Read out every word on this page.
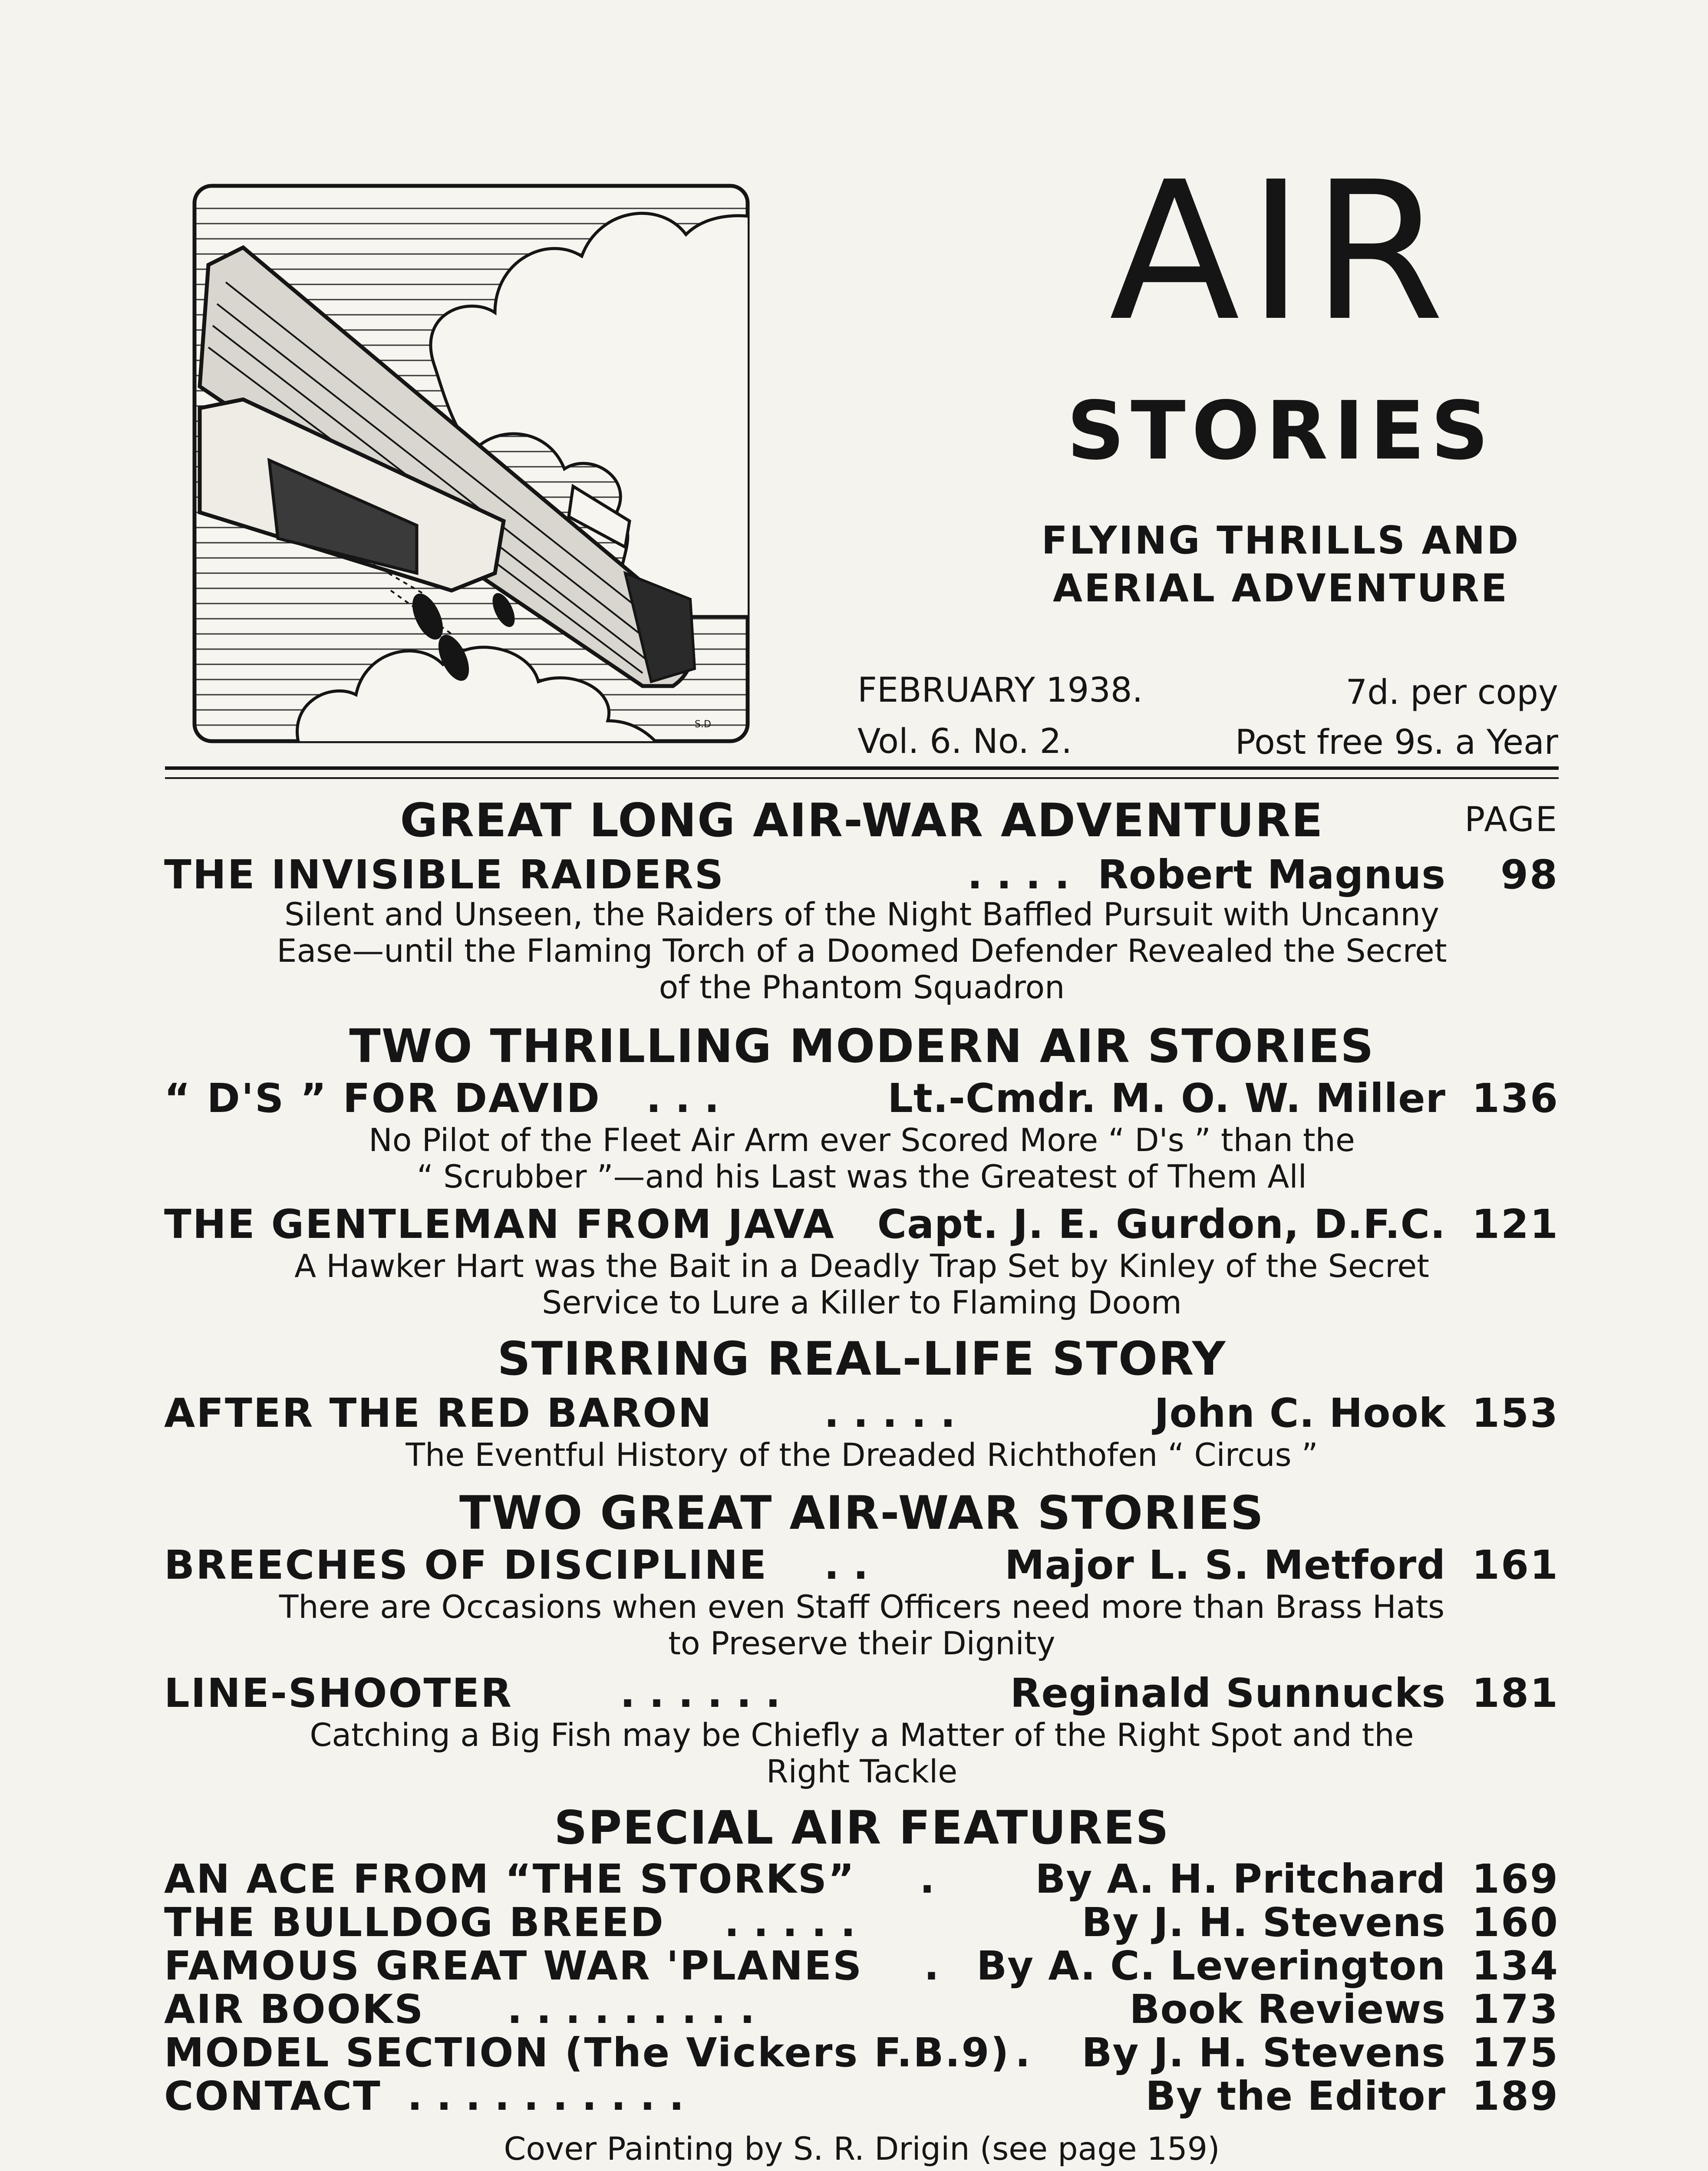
S.D
AIR
STORIES
FLYING THRILLS AND
AERIAL ADVENTURE
FEBRUARY 1938.
Vol. 6. No. 2.
7d. per copy
Post free 9s. a Year
PAGE
GREAT LONG AIR-WAR ADVENTURE
THE INVISIBLE RAIDERS	. . . . Robert Magnus	98
Silent and Unseen, the Raiders of the Night Baffled Pursuit with Uncanny
Ease—until the Flaming Torch of a Doomed Defender Revealed the Secret
of the Phantom Squadron
TWO THRILLING MODERN AIR STORIES
“ D'S ” FOR DAVID . . .	Lt.-Cmdr. M. O. W. Miller 136
No Pilot of the Fleet Air Arm ever Scored More “ D's ” than the
“ Scrubber ”—and his Last was the Greatest of Them All
THE GENTLEMAN FROM JAVA Capt. J. E. Gurdon, D.F.C. 121
A Hawker Hart was the Bait in a Deadly Trap Set by Kinley of the Secret
Service to Lure a Killer to Flaming Doom
STIRRING REAL-LIFE STORY
AFTER THE RED BARON	. . . . .	John C. Hook 153
The Eventful History of the Dreaded Richthofen “ Circus ”
TWO GREAT AIR-WAR STORIES
BREECHES OF DISCIPLINE . .	Major L. S. Metford 161
There are Occasions when even Staff Officers need more than Brass Hats
to Preserve their Dignity
LINE-SHOOTER	. . . . . .	Reginald Sunnucks 181
Catching a Big Fish may be Chiefly a Matter of the Right Spot and the
Right Tackle
SPECIAL AIR FEATURES
AN ACE FROM “THE STORKS” .	By A. H. Pritchard 169
THE BULLDOG BREED . . . . .	By J. H. Stevens 160
FAMOUS GREAT WAR 'PLANES . By A. C. Leverington 134
AIR BOOKS . . . . . . . . .	Book Reviews 173
MODEL SECTION (The Vickers F.B.9) . By J. H. Stevens 175
CONTACT . . . . . . . . . .	By the Editor 189
Cover Painting by S. R. Drigin (see page 159)
